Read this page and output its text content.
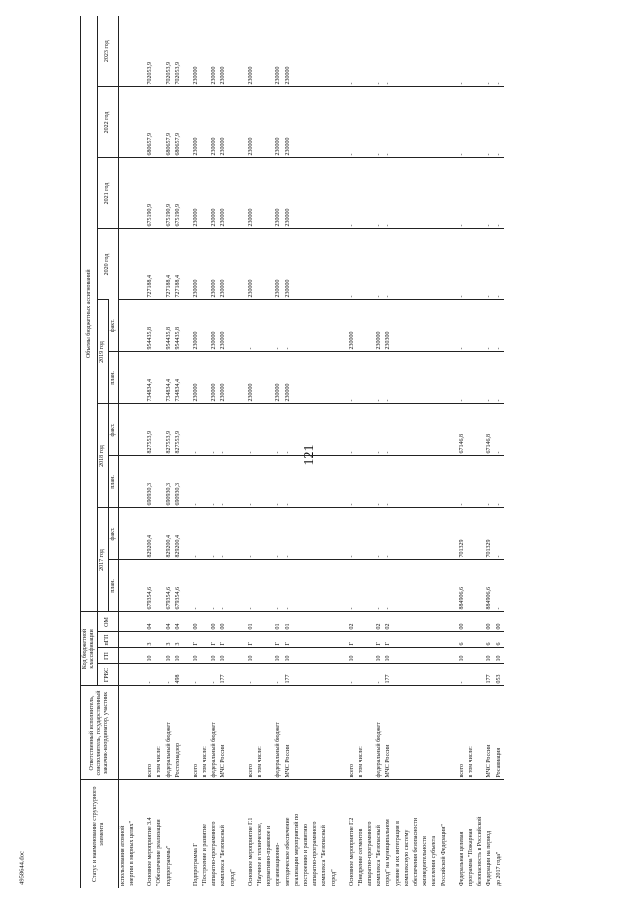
121
4958644.doc	Статус и наименование структурного элемента	Ответственный исполнитель, соисполнитель, государственный заказчик-координатор, участник	Код бюджетной классификации				Объемы бюджетных ассигнований									
		ГРБС	ГП	пГП	ОМ	2017 год		2018 год		2019 год		2020 год	2021 год	2022 год	2023 год
						план.	факт.	план.	факт.	план.	факт.				
использования атомной															
энергии в мирных целях"															
Основное мероприятие 3.4	всего	-	10	3	04	679354,6	829200,4	690930,3	827553,9	734834,4	954435,8	727188,4	675190,9	680657,9	702053,9
"Обеспечение реализации	в том числе:														
подпрограммы"	федеральный бюджет	-	10	3	04	679354,6	829200,4	690930,3	827553,9	734834,4	954435,8	727188,4	675190,9	680657,9	702053,9
	Ростехнадзор	498	10	3	04	679354,6	829200,4	690930,3	827553,9	734834,4	954435,8	727188,4	675190,9	680657,9	702053,9
Подпрограмма Г	всего	-	10	Г	00	-	-	-	-	230000	230000	230000	230000	230000	230000
"Построение и развитие	в том числе:														
аппаратно-программного	федеральный бюджет	-	10	Г	00	-	-	-	-	230000	230000	230000	230000	230000	230000
комплекса "Безопасный	МЧС России	177	10	Г	00	-	-	-	-	230000	230000	230000	230000	230000	230000
город"															
Основное мероприятие Г.1	всего	-	10	Г	01	-	-	-	-	230000	-	230000	230000	230000	230000
"Научное и техническое,	в том числе:														
нормативно-правовое и															
организационно-	федеральный бюджет	-	10	Г	01	-	-	-	-	230000	-	230000	230000	230000	230000
методическое обеспечение	МЧС России	177	10	Г	01	-	-	-	-	230000	-	230000	230000	230000	230000
реализации мероприятий по															
построению и развитию															
аппаратно-программного															
комплекса "Безопасный															
город"															
Основное мероприятие Г.2	всего	-	10	Г	02	-	-	-	-	-	230000	-	-	-	-
"Внедрение сегментов	в том числе:														
аппаратно-программного															
комплекса "Безопасный	федеральный бюджет	-	10	Г	02	-	-	-	-	-	230000	-	-	-	-
город" на муниципальном	МЧС России	177	10	Г	02	-	-	-	-	-	230300	-	-	-	-
уровне и их интеграция в															
комплексную систему															
обеспечения безопасности															
жизнедеятельности															
населения субъекта															
Российской Федерации"															
Федеральная целевая	всего	-	10	6	00	884906,6	701329	-	67146,8	-	-	-	-	-	-
программа "Пожарная	в том числе:														
безопасность в Российской															
Федерации на период	МЧС России	177	10	6	00	884906,6	701329	-	67146,8	-	-	-	-	-	-
до 2017 года"	Росавиация	053	10	6	00	-	-	-	-	-	-	-	-	-	-
